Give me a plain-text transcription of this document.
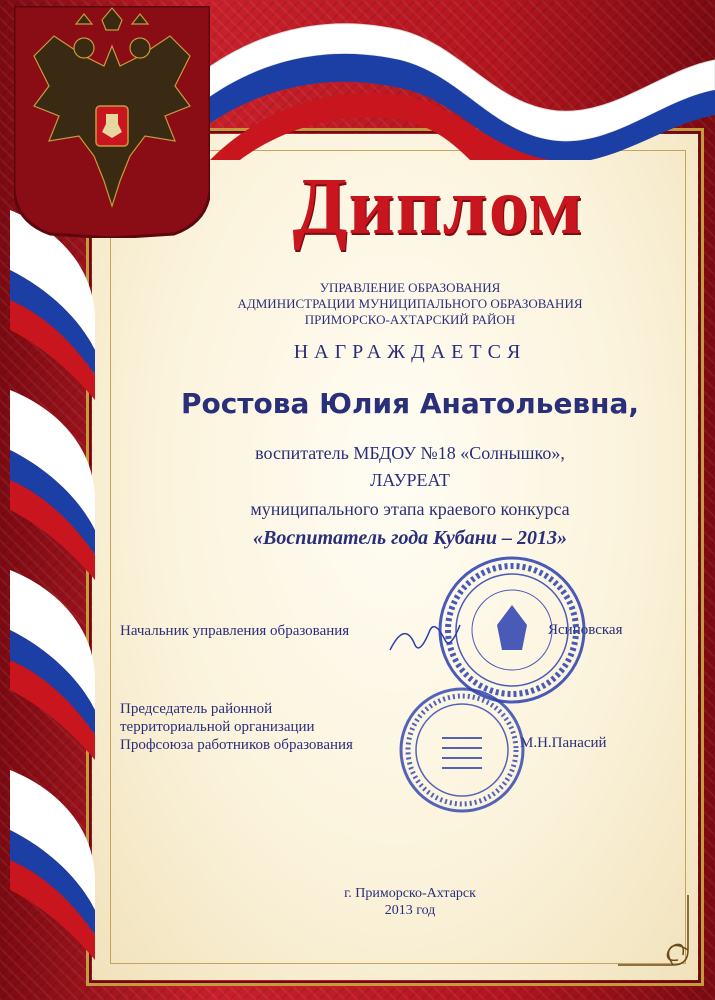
Диплом
УПРАВЛЕНИЕ ОБРАЗОВАНИЯ
АДМИНИСТРАЦИИ МУНИЦИПАЛЬНОГО ОБРАЗОВАНИЯ
ПРИМОРСКО-АХТАРСКИЙ РАЙОН
НАГРАЖДАЕТСЯ
Ростова Юлия Анатольевна,
воспитатель МБДОУ №18 «Солнышко»,
ЛАУРЕАТ
муниципального этапа краевого конкурса
«Воспитатель года Кубани – 2013»
Начальник управления образования	Ясиновская
Председатель районной
территориальной организации
Профсоюза работников образования	М.Н.Панасий
г. Приморско-Ахтарск
2013 год
